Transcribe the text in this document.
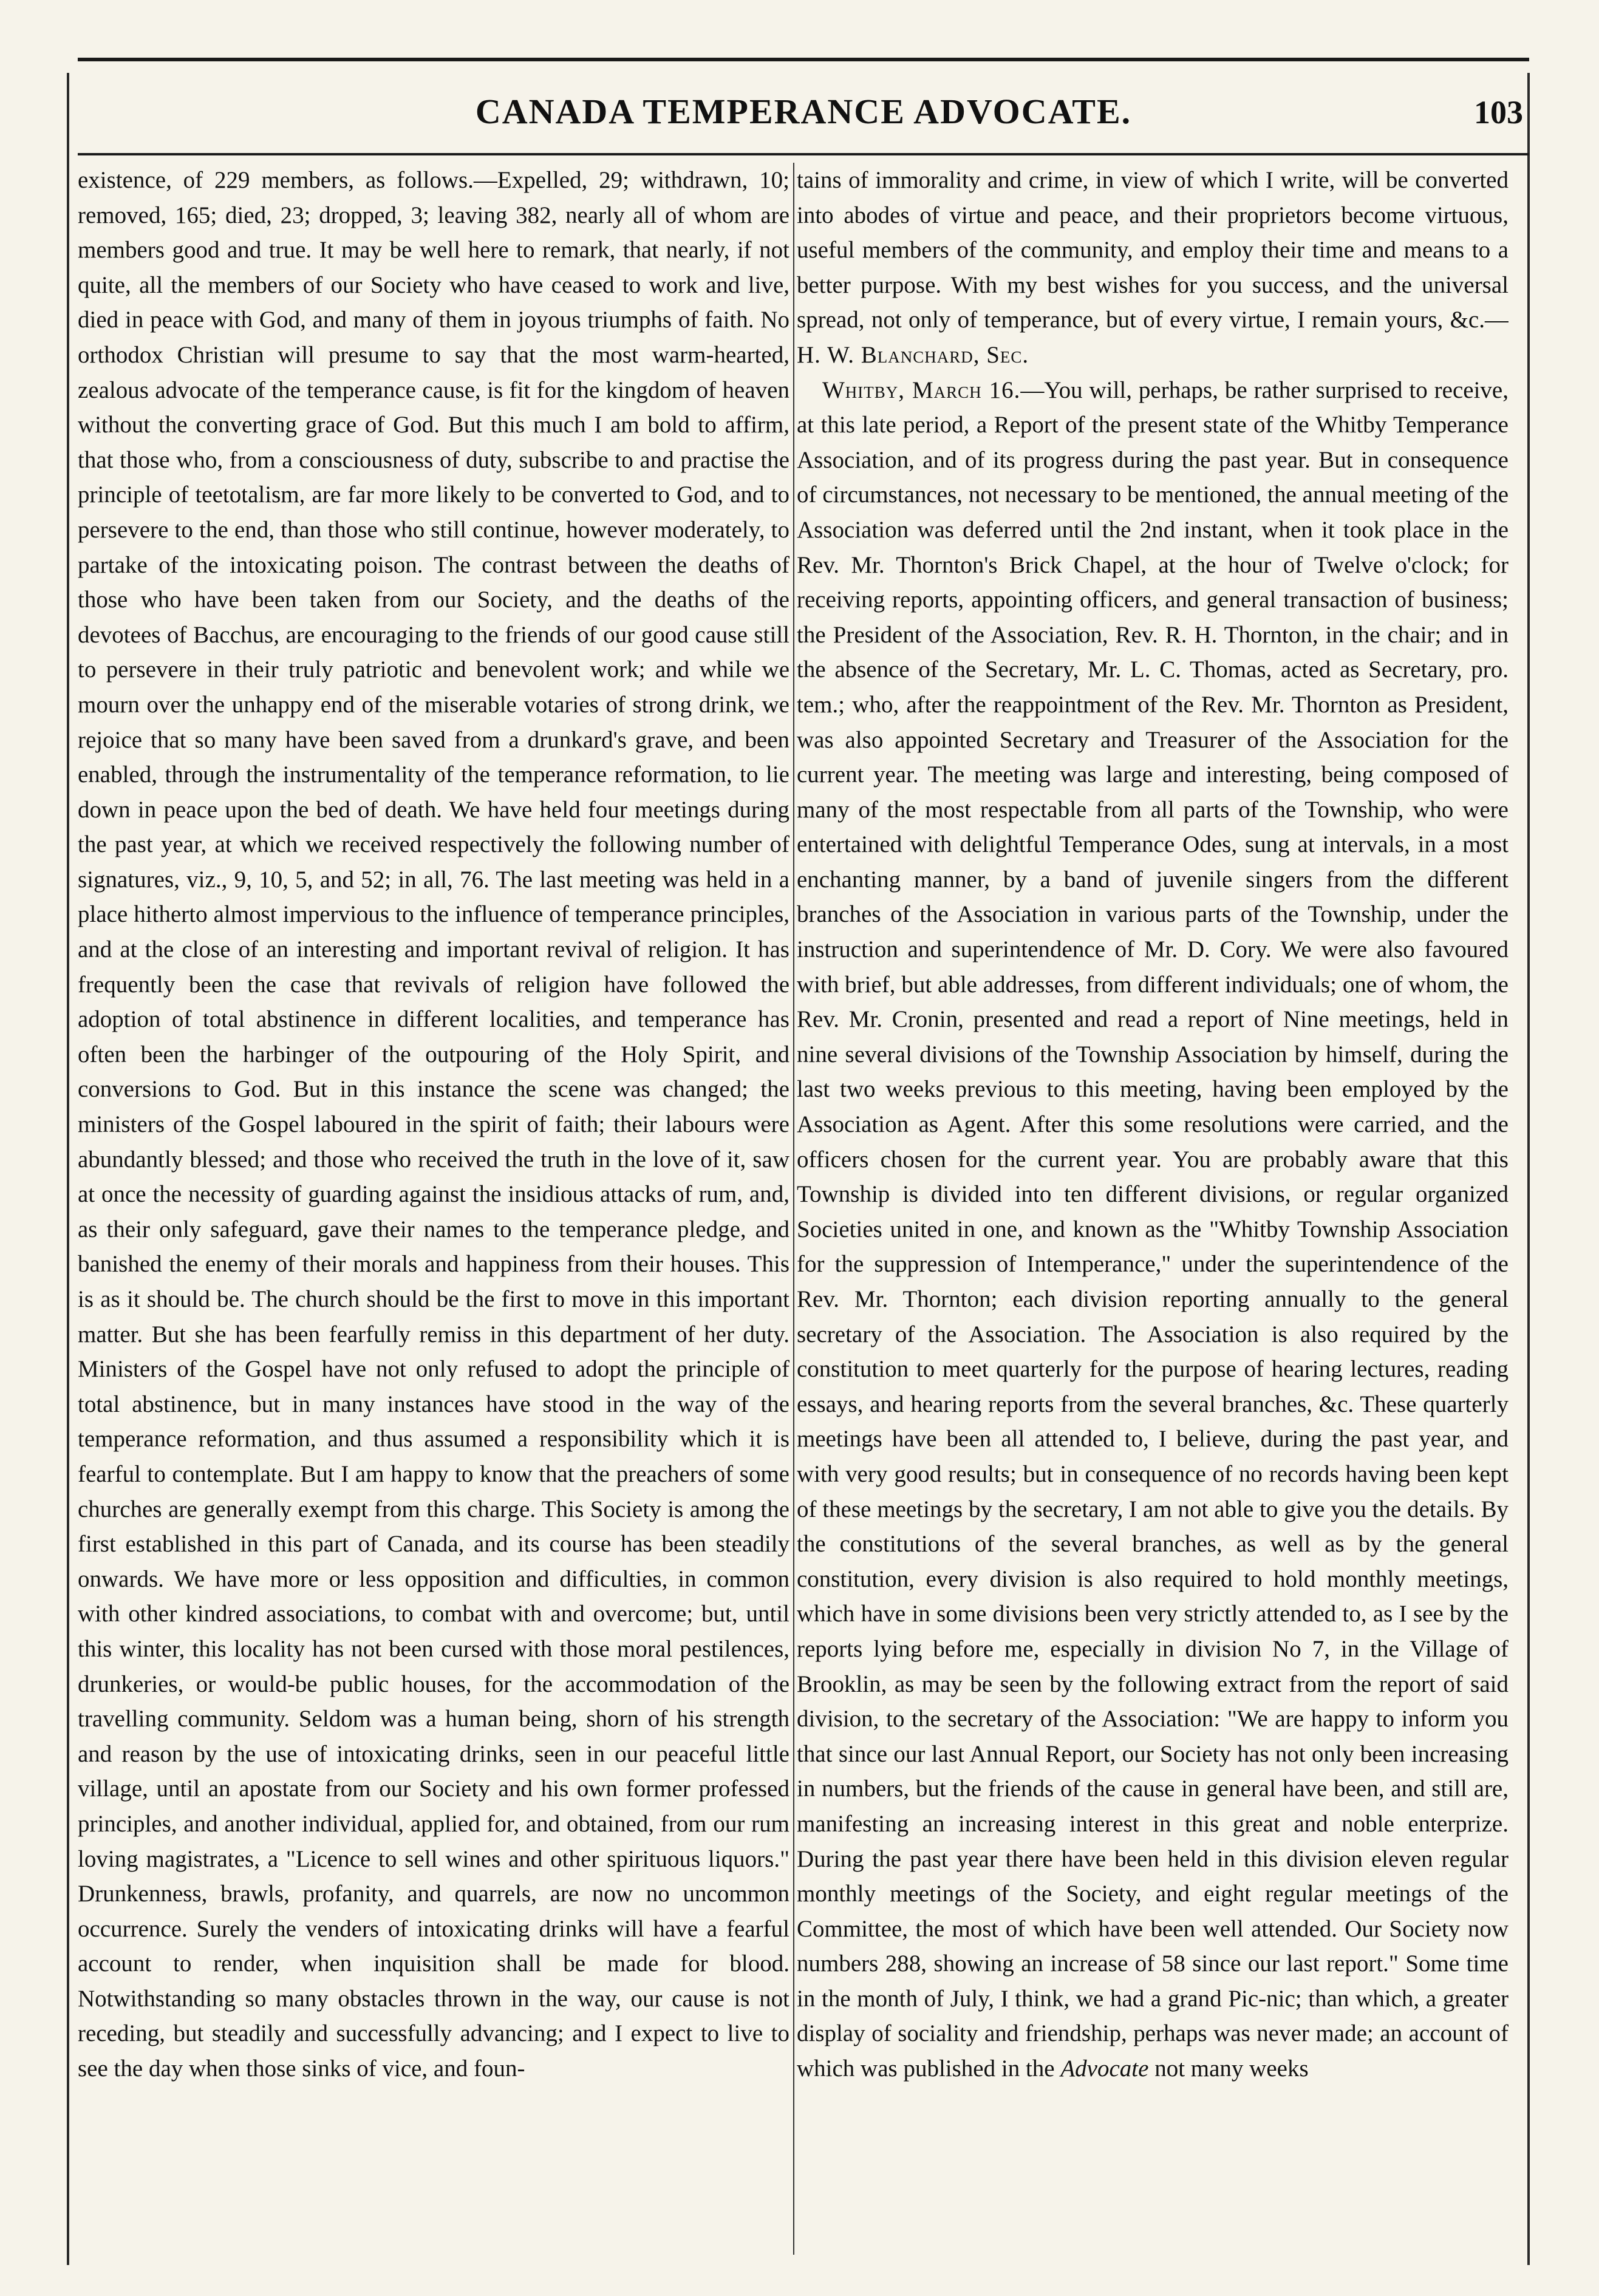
CANADA TEMPERANCE ADVOCATE.	103

existence, of 229 members, as follows.—Expelled, 29; withdrawn, 10; removed, 165; died, 23; dropped, 3; leaving 382, nearly all of whom are members good and true. It may be well here to remark, that nearly, if not quite, all the members of our Society who have ceased to work and live, died in peace with God, and many of them in joyous triumphs of faith. No orthodox Christian will presume to say that the most warm-hearted, zealous advocate of the temperance cause, is fit for the kingdom of heaven without the converting grace of God. But this much I am bold to affirm, that those who, from a consciousness of duty, subscribe to and practise the principle of teetotalism, are far more likely to be converted to God, and to persevere to the end, than those who still continue, however moderately, to partake of the intoxicating poison. The contrast between the deaths of those who have been taken from our Society, and the deaths of the devotees of Bacchus, are encouraging to the friends of our good cause still to persevere in their truly patriotic and benevolent work; and while we mourn over the unhappy end of the miserable votaries of strong drink, we rejoice that so many have been saved from a drunkard's grave, and been enabled, through the instrumentality of the temperance reformation, to lie down in peace upon the bed of death. We have held four meetings during the past year, at which we received respectively the following number of signatures, viz., 9, 10, 5, and 52; in all, 76. The last meeting was held in a place hitherto almost impervious to the influence of temperance principles, and at the close of an interesting and important revival of religion. It has frequently been the case that revivals of religion have followed the adoption of total abstinence in different localities, and temperance has often been the harbinger of the outpouring of the Holy Spirit, and conversions to God. But in this instance the scene was changed; the ministers of the Gospel laboured in the spirit of faith; their labours were abundantly blessed; and those who received the truth in the love of it, saw at once the necessity of guarding against the insidious attacks of rum, and, as their only safeguard, gave their names to the temperance pledge, and banished the enemy of their morals and happiness from their houses. This is as it should be. The church should be the first to move in this important matter. But she has been fearfully remiss in this department of her duty. Ministers of the Gospel have not only refused to adopt the principle of total abstinence, but in many instances have stood in the way of the temperance reformation, and thus assumed a responsibility which it is fearful to contemplate. But I am happy to know that the preachers of some churches are generally exempt from this charge. This Society is among the first established in this part of Canada, and its course has been steadily onwards. We have more or less opposition and difficulties, in common with other kindred associations, to combat with and overcome; but, until this winter, this locality has not been cursed with those moral pestilences, drunkeries, or would-be public houses, for the accommodation of the travelling community. Seldom was a human being, shorn of his strength and reason by the use of intoxicating drinks, seen in our peaceful little village, until an apostate from our Society and his own former professed principles, and another individual, applied for, and obtained, from our rum loving magistrates, a "Licence to sell wines and other spirituous liquors." Drunkenness, brawls, profanity, and quarrels, are now no uncommon occurrence. Surely the venders of intoxicating drinks will have a fearful account to render, when inquisition shall be made for blood. Notwithstanding so many obstacles thrown in the way, our cause is not receding, but steadily and successfully advancing; and I expect to live to see the day when those sinks of vice, and foun-

tains of immorality and crime, in view of which I write, will be converted into abodes of virtue and peace, and their proprietors become virtuous, useful members of the community, and employ their time and means to a better purpose. With my best wishes for you success, and the universal spread, not only of temperance, but of every virtue, I remain yours, &c.—H. W. Blanchard, Sec.

Whitby, March 16.—You will, perhaps, be rather surprised to receive, at this late period, a Report of the present state of the Whitby Temperance Association, and of its progress during the past year. But in consequence of circumstances, not necessary to be mentioned, the annual meeting of the Association was deferred until the 2nd instant, when it took place in the Rev. Mr. Thornton's Brick Chapel, at the hour of Twelve o'clock; for receiving reports, appointing officers, and general transaction of business; the President of the Association, Rev. R. H. Thornton, in the chair; and in the absence of the Secretary, Mr. L. C. Thomas, acted as Secretary, pro. tem.; who, after the reappointment of the Rev. Mr. Thornton as President, was also appointed Secretary and Treasurer of the Association for the current year. The meeting was large and interesting, being composed of many of the most respectable from all parts of the Township, who were entertained with delightful Temperance Odes, sung at intervals, in a most enchanting manner, by a band of juvenile singers from the different branches of the Association in various parts of the Township, under the instruction and superintendence of Mr. D. Cory. We were also favoured with brief, but able addresses, from different individuals; one of whom, the Rev. Mr. Cronin, presented and read a report of Nine meetings, held in nine several divisions of the Township Association by himself, during the last two weeks previous to this meeting, having been employed by the Association as Agent. After this some resolutions were carried, and the officers chosen for the current year. You are probably aware that this Township is divided into ten different divisions, or regular organized Societies united in one, and known as the "Whitby Township Association for the suppression of Intemperance," under the superintendence of the Rev. Mr. Thornton; each division reporting annually to the general secretary of the Association. The Association is also required by the constitution to meet quarterly for the purpose of hearing lectures, reading essays, and hearing reports from the several branches, &c. These quarterly meetings have been all attended to, I believe, during the past year, and with very good results; but in consequence of no records having been kept of these meetings by the secretary, I am not able to give you the details. By the constitutions of the several branches, as well as by the general constitution, every division is also required to hold monthly meetings, which have in some divisions been very strictly attended to, as I see by the reports lying before me, especially in division No 7, in the Village of Brooklin, as may be seen by the following extract from the report of said division, to the secretary of the Association: "We are happy to inform you that since our last Annual Report, our Society has not only been increasing in numbers, but the friends of the cause in general have been, and still are, manifesting an increasing interest in this great and noble enterprize. During the past year there have been held in this division eleven regular monthly meetings of the Society, and eight regular meetings of the Committee, the most of which have been well attended. Our Society now numbers 288, showing an increase of 58 since our last report." Some time in the month of July, I think, we had a grand Pic-nic; than which, a greater display of sociality and friendship, perhaps was never made; an account of which was published in the Advocate not many weeks
